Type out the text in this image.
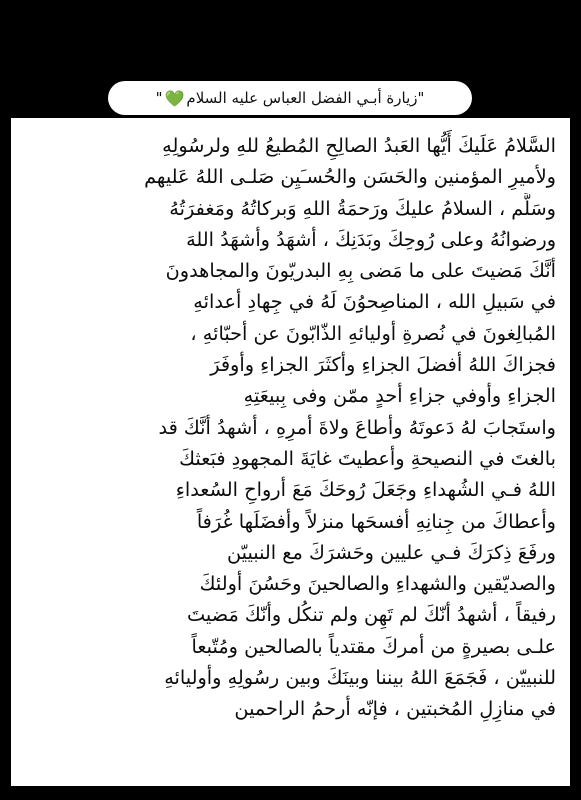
"
زيارة أبـي الفضل العباس عليه السلام
💚
"
السَّلامُ عَلَيكَ أَيُّها العَبدُ الصالِحِ المُطيعُ للهِ ولرسُولِهِ
ولأميرِ المؤمنين والحَسَن والحُسـَيِن صَلـى اللهُ عَليهم
وسَلَّم ، السلامُ عليكَ ورَحمَةُ اللهِ وَبركاتُهُ ومَغفرَتُهُ
ورضوانُهُ وعلى رُوحِكَ وبَدَنِكَ ، أشهَدُ وأشهَدُ اللهَ
أنَّكَ مَضيتَ على ما مَضى بِهِ البدريّونَ والمجاهدونَ
في سَبيلِ الله ، المناصِحوُنَ لَهُ في جِهادِ أعدائهِ
المُبالِغونَ في نُصرةِ أوليائهِ الذّابّونَ عن أحبّائهِ ،
فجزاكَ اللهُ أفضلَ الجزاءِ وأكثَرَ الجزاءِ وأوفَرَ
الجزاءِ وأوفي جزاءِ أحدٍ ممّن وفى بِبيعَتِهِ
واستَجابَ لهُ دَعوتَهُ وأطاعَ ولاةَ أمرِهِ ، أشهدُ أنَّكَ قد
بالغتَ في النصيحةِ وأعطيتَ غايَةَ المجهودِ فبَعثكَ
اللهُ فـي الشُهداءِ وجَعَلَ رُوحَكَ مَعَ أرواحِ السُعداءِ
وأعطاكَ من جِنانِهِ أفسحَها منزلاً وأفضَلَها غُرَفاً
ورفَعَ ذِكرَكَ فـي عليين وحَشرَكَ مع النبييّن
والصديّقين والشهداءِ والصالحينَ وحَسُنَ أولئكَ
رفيقاً ، أشهدُ أنّكَ لم تَهِن ولم تنكُل وأنّكَ مَضيتَ
علـى بصيرةٍ من أمركَ مقتدياً بالصالحين ومُتّبعاً
للنبييّن ، فَجَمَعَ اللهُ بيننا وبينَكَ وبين رسُولِهِ وأوليائهِ
في منازِلِ المُخبتين ، فإنّه أرحمُ الراحمين
